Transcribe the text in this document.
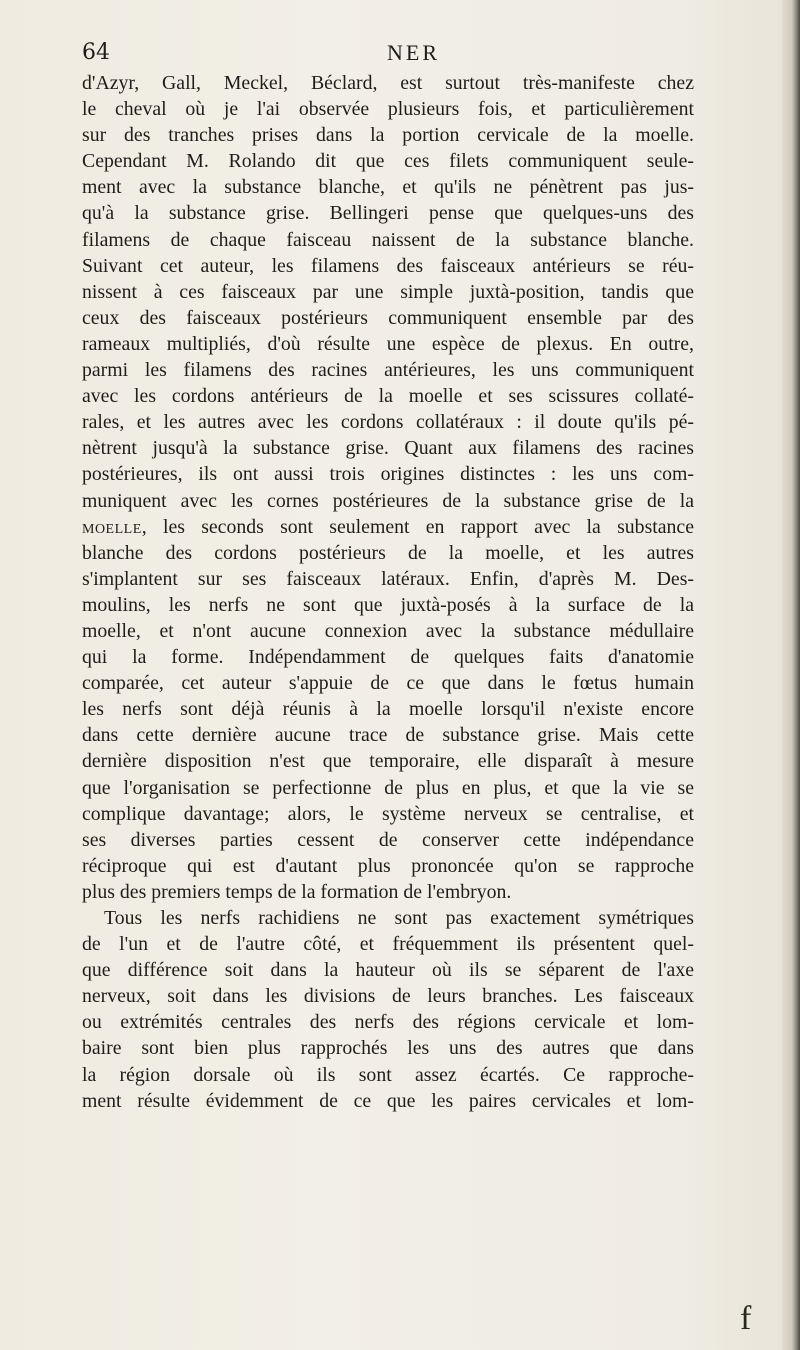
64	NER
d'Azyr, Gall, Meckel, Béclard, est surtout très-manifeste chez
le cheval où je l'ai observée plusieurs fois, et particulièrement
sur des tranches prises dans la portion cervicale de la moelle.
Cependant M. Rolando dit que ces filets communiquent seule-
ment avec la substance blanche, et qu'ils ne pénètrent pas jus-
qu'à la substance grise. Bellingeri pense que quelques-uns des
filamens de chaque faisceau naissent de la substance blanche.
Suivant cet auteur, les filamens des faisceaux antérieurs se réu-
nissent à ces faisceaux par une simple juxtà-position, tandis que
ceux des faisceaux postérieurs communiquent ensemble par des
rameaux multipliés, d'où résulte une espèce de plexus. En outre,
parmi les filamens des racines antérieures, les uns communiquent
avec les cordons antérieurs de la moelle et ses scissures collaté-
rales, et les autres avec les cordons collatéraux : il doute qu'ils pé-
nètrent jusqu'à la substance grise. Quant aux filamens des racines
postérieures, ils ont aussi trois origines distinctes : les uns com-
muniquent avec les cornes postérieures de la substance grise de la
moelle, les seconds sont seulement en rapport avec la substance
blanche des cordons postérieurs de la moelle, et les autres
s'implantent sur ses faisceaux latéraux. Enfin, d'après M. Des-
moulins, les nerfs ne sont que juxtà-posés à la surface de la
moelle, et n'ont aucune connexion avec la substance médullaire
qui la forme. Indépendamment de quelques faits d'anatomie
comparée, cet auteur s'appuie de ce que dans le fœtus humain
les nerfs sont déjà réunis à la moelle lorsqu'il n'existe encore
dans cette dernière aucune trace de substance grise. Mais cette
dernière disposition n'est que temporaire, elle disparaît à mesure
que l'organisation se perfectionne de plus en plus, et que la vie se
complique davantage; alors, le système nerveux se centralise, et
ses diverses parties cessent de conserver cette indépendance
réciproque qui est d'autant plus prononcée qu'on se rapproche
plus des premiers temps de la formation de l'embryon.
Tous les nerfs rachidiens ne sont pas exactement symétriques
de l'un et de l'autre côté, et fréquemment ils présentent quel-
que différence soit dans la hauteur où ils se séparent de l'axe
nerveux, soit dans les divisions de leurs branches. Les faisceaux
ou extrémités centrales des nerfs des régions cervicale et lom-
baire sont bien plus rapprochés les uns des autres que dans
la région dorsale où ils sont assez écartés. Ce rapproche-
ment résulte évidemment de ce que les paires cervicales et lom-
f
